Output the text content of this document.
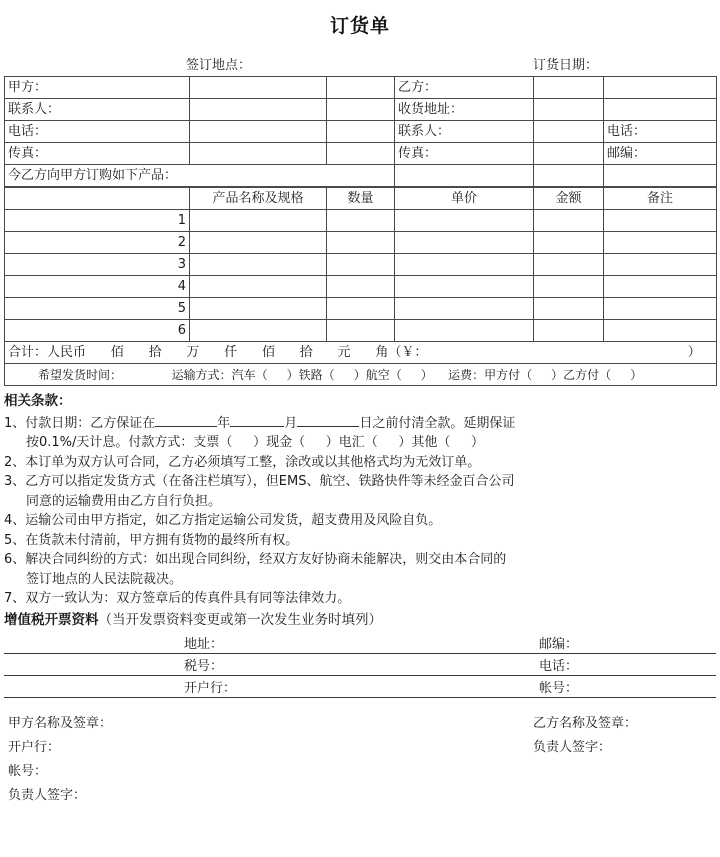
订货单
签订地点：	订货日期：
甲方：			乙方：		
联系人：			收货地址：		
电话：			联系人：		电话：
传真：			传真：		邮编：
今乙方向甲方订购如下产品：					
	产品名称及规格	数量	单价	金额	备注
1					
2					
3					
4					
5					
6					

合计：人民币      佰      拾      万      仟      佰      拾      元      角（￥：                                                               ）					

希望发货时间：             运输方式：汽车（     ）铁路（     ）航空（     ）    运费：甲方付（     ）乙方付（     ）					
相关条款：
1、付款日期：乙方保证在	年	月	日之前付清全款。延期保证
按0.1%/天计息。付款方式：支票（     ）现金（     ）电汇（     ）其他（     ）
2、本订单为双方认可合同，乙方必须填写工整，涂改或以其他格式均为无效订单。
3、乙方可以指定发货方式（在备注栏填写），但EMS、航空、铁路快件等未经金百合公司
同意的运输费用由乙方自行负担。
4、运输公司由甲方指定，如乙方指定运输公司发货，超支费用及风险自负。
5、在货款未付清前，甲方拥有货物的最终所有权。
6、解决合同纠纷的方式：如出现合同纠纷，经双方友好协商未能解决，则交由本合同的
签订地点的人民法院裁决。
7、双方一致认为：双方签章后的传真件具有同等法律效力。
增值税开票资料（当开发票资料变更或第一次发生业务时填列）
地址：	邮编：
税号：	电话：
开户行：	帐号：
甲方名称及签章：
开户行：
帐号：
负责人签字：
乙方名称及签章：
负责人签字：
